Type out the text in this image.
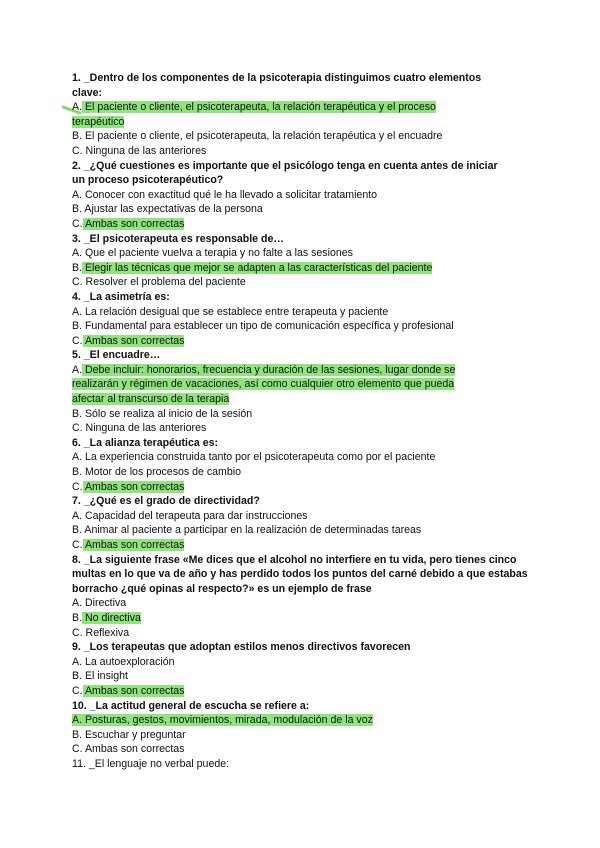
1. _Dentro de los componentes de la psicoterapia distinguimos cuatro elementos
clave:
A. El paciente o cliente, el psicoterapeuta, la relación terapéutica y el proceso
terapéutico
B. El paciente o cliente, el psicoterapeuta, la relación terapéutica y el encuadre
C. Ninguna de las anteriores
2. _¿Qué cuestiones es importante que el psicólogo tenga en cuenta antes de iniciar
un proceso psicoterapéutico?
A. Conocer con exactitud qué le ha llevado a solicitar tratamiento
B. Ajustar las expectativas de la persona
C. Ambas son correctas
3. _El psicoterapeuta es responsable de…
A. Que el paciente vuelva a terapia y no falte a las sesiones
B. Elegir las técnicas que mejor se adapten a las características del paciente
C. Resolver el problema del paciente
4. _La asimetría es:
A. La relación desigual que se establece entre terapeuta y paciente
B. Fundamental para establecer un tipo de comunicación específica y profesional
C. Ambas son correctas
5. _El encuadre…
A. Debe incluir: honorarios, frecuencia y duración de las sesiones, lugar donde se
realizarán y régimen de vacaciones, así como cualquier otro elemento que pueda
afectar al transcurso de la terapia
B. Sólo se realiza al inicio de la sesión
C. Ninguna de las anteriores
6. _La alianza terapéutica es:
A. La experiencia construida tanto por el psicoterapeuta como por el paciente
B. Motor de los procesos de cambio
C. Ambas son correctas
7. _¿Qué es el grado de directividad?
A. Capacidad del terapeuta para dar instrucciones
B. Animar al paciente a participar en la realización de determinadas tareas
C. Ambas son correctas
8. _La siguiente frase «Me dices que el alcohol no interfiere en tu vida, pero tienes cinco
multas en lo que va de año y has perdido todos los puntos del carné debido a que estabas
borracho ¿qué opinas al respecto?» es un ejemplo de frase
A. Directiva
B. No directiva
C. Reflexiva
9. _Los terapeutas que adoptan estilos menos directivos favorecen
A. La autoexploración
B. El insight
C. Ambas son correctas
10. _La actitud general de escucha se refiere a:
A. Posturas, gestos, movimientos, mirada, modulación de la voz
B. Escuchar y preguntar
C. Ambas son correctas
11. _El lenguaje no verbal puede:
